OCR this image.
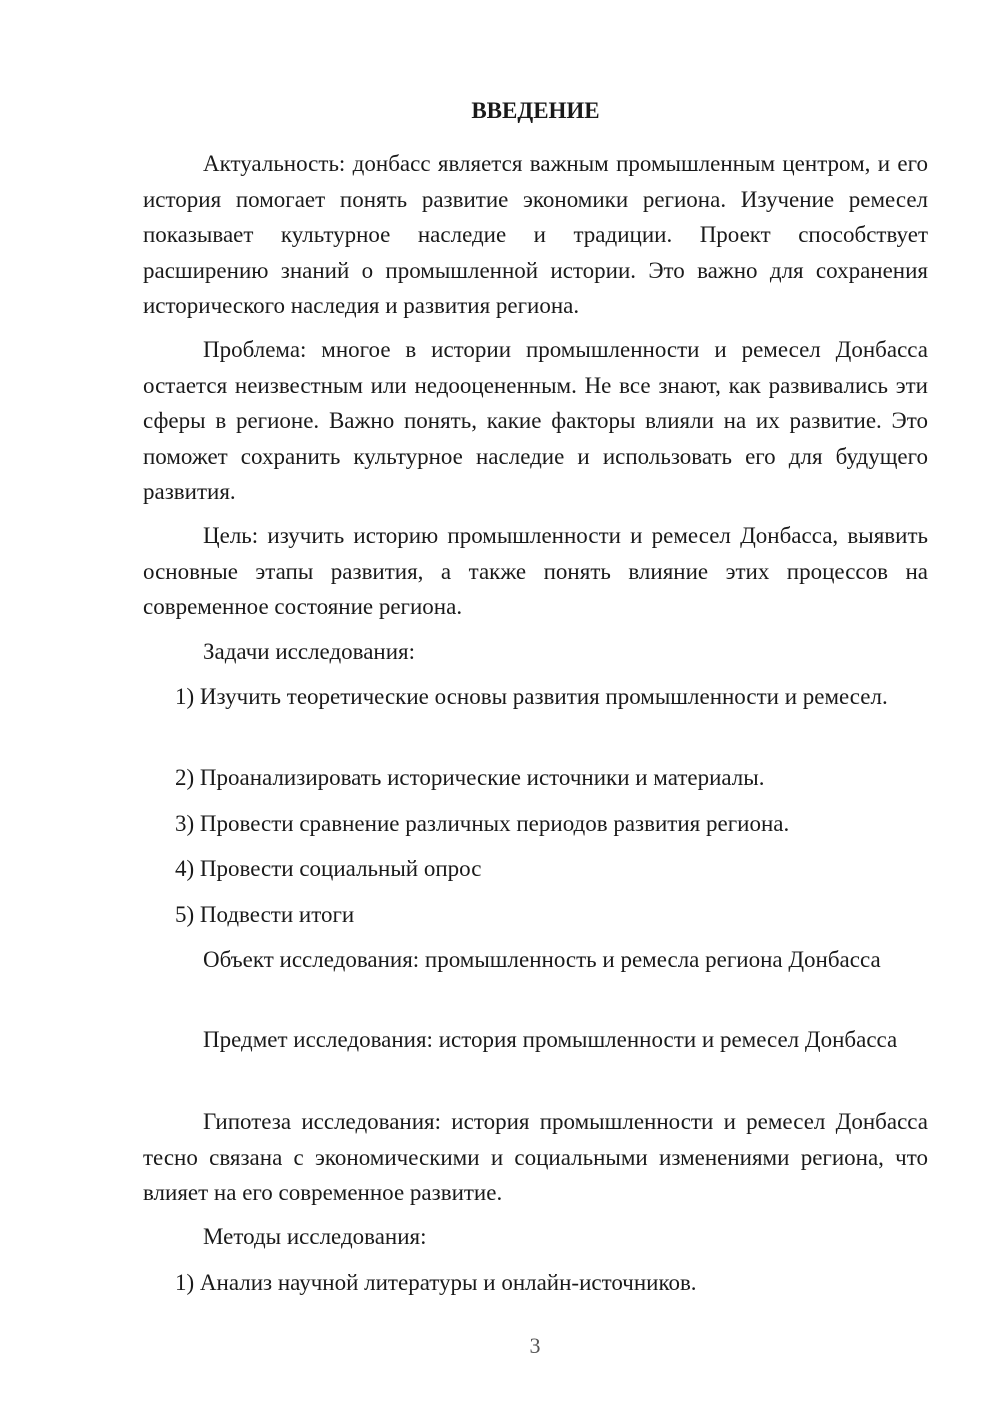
ВВЕДЕНИЕ

Актуальность: донбасс является важным промышленным центром, и его история помогает понять развитие экономики региона. Изучение ремесел показывает культурное наследие и традиции. Проект способствует расширению знаний о промышленной истории. Это важно для сохранения исторического наследия и развития региона.

Проблема: многое в истории промышленности и ремесел Донбасса остается неизвестным или недооцененным. Не все знают, как развивались эти сферы в регионе. Важно понять, какие факторы влияли на их развитие. Это поможет сохранить культурное наследие и использовать его для будущего развития.

Цель: изучить историю промышленности и ремесел Донбасса, выявить основные этапы развития, а также понять влияние этих процессов на современное состояние региона.

Задачи исследования:

1) Изучить теоретические основы развития промышленности и ремесел.

2) Проанализировать исторические источники и материалы.

3) Провести сравнение различных периодов развития региона.

4) Провести социальный опрос

5) Подвести итоги

Объект исследования: промышленность и ремесла региона Донбасса

Предмет исследования: история промышленности и ремесел Донбасса

Гипотеза исследования: история промышленности и ремесел Донбасса тесно связана с экономическими и социальными изменениями региона, что влияет на его современное развитие.

Методы исследования:

1) Анализ научной литературы и онлайн-источников.

3
